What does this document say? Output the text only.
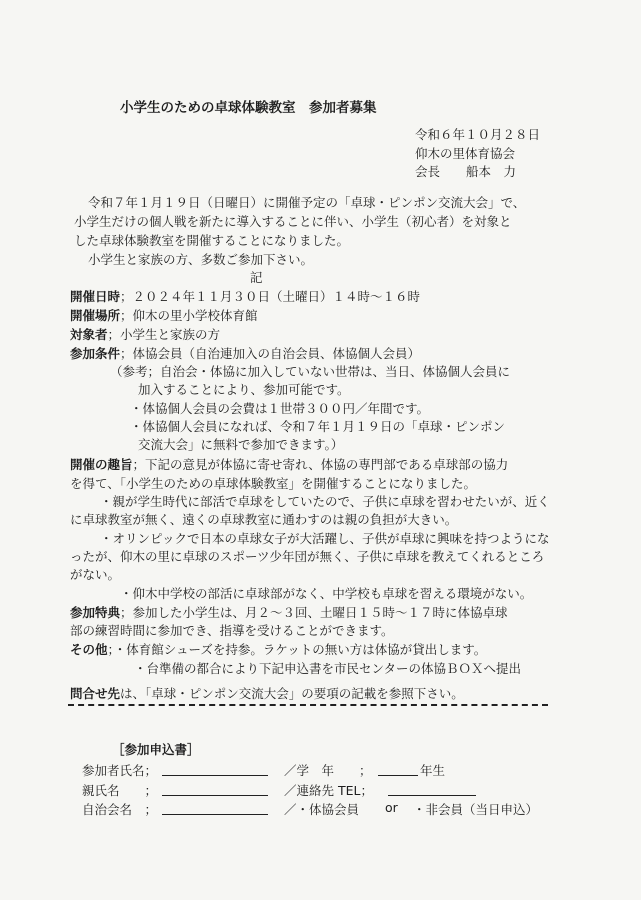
小学生のための卓球体験教室　参加者募集
令和６年１０月２８日
仰木の里体育協会
会長 船本　力
令和７年１月１９日（日曜日）に開催予定の「卓球・ピンポン交流大会」で、
小学生だけの個人戦を新たに導入することに伴い、小学生（初心者）を対象と
した卓球体験教室を開催することになりました。
小学生と家族の方、多数ご参加下さい。
記
開催日時；２０２４年１１月３０日（土曜日）１４時～１６時
開催場所；仰木の里小学校体育館
対象者；小学生と家族の方
参加条件；体協会員（自治連加入の自治会員、体協個人会員）
（参考；自治会・体協に加入していない世帯は、当日、体協個人会員に
加入することにより、参加可能です。
・体協個人会員の会費は１世帯３００円／年間です。
・体協個人会員になれば、令和７年１月１９日の「卓球・ピンポン
交流大会」に無料で参加できます。）
開催の趣旨；下記の意見が体協に寄せ寄れ、体協の専門部である卓球部の協力
を得て、「小学生のための卓球体験教室」を開催することになりました。
・親が学生時代に部活で卓球をしていたので、子供に卓球を習わせたいが、近く
に卓球教室が無く、遠くの卓球教室に通わすのは親の負担が大きい。
・オリンピックで日本の卓球女子が大活躍し、子供が卓球に興味を持つようにな
ったが、仰木の里に卓球のスポーツ少年団が無く、子供に卓球を教えてくれるところ
がない。
・仰木中学校の部活に卓球部がなく、中学校も卓球を習える環境がない。
参加特典；参加した小学生は、月２～３回、土曜日１５時～１７時に体協卓球
部の練習時間に参加でき、指導を受けることができます。
その他；・体育館シューズを持参。ラケットの無い方は体協が貸出します。
・台準備の都合により下記申込書を市民センターの体協ＢＯＸへ提出
問合せ先は、「卓球・ピンポン交流大会」の要項の記載を参照下さい。
［参加申込書］
参加者氏名；	／学　年　　；	年生
親氏名　　；	／連絡先 TEL；
自治会名　；	／・体協会員 or ・非会員（当日申込）
